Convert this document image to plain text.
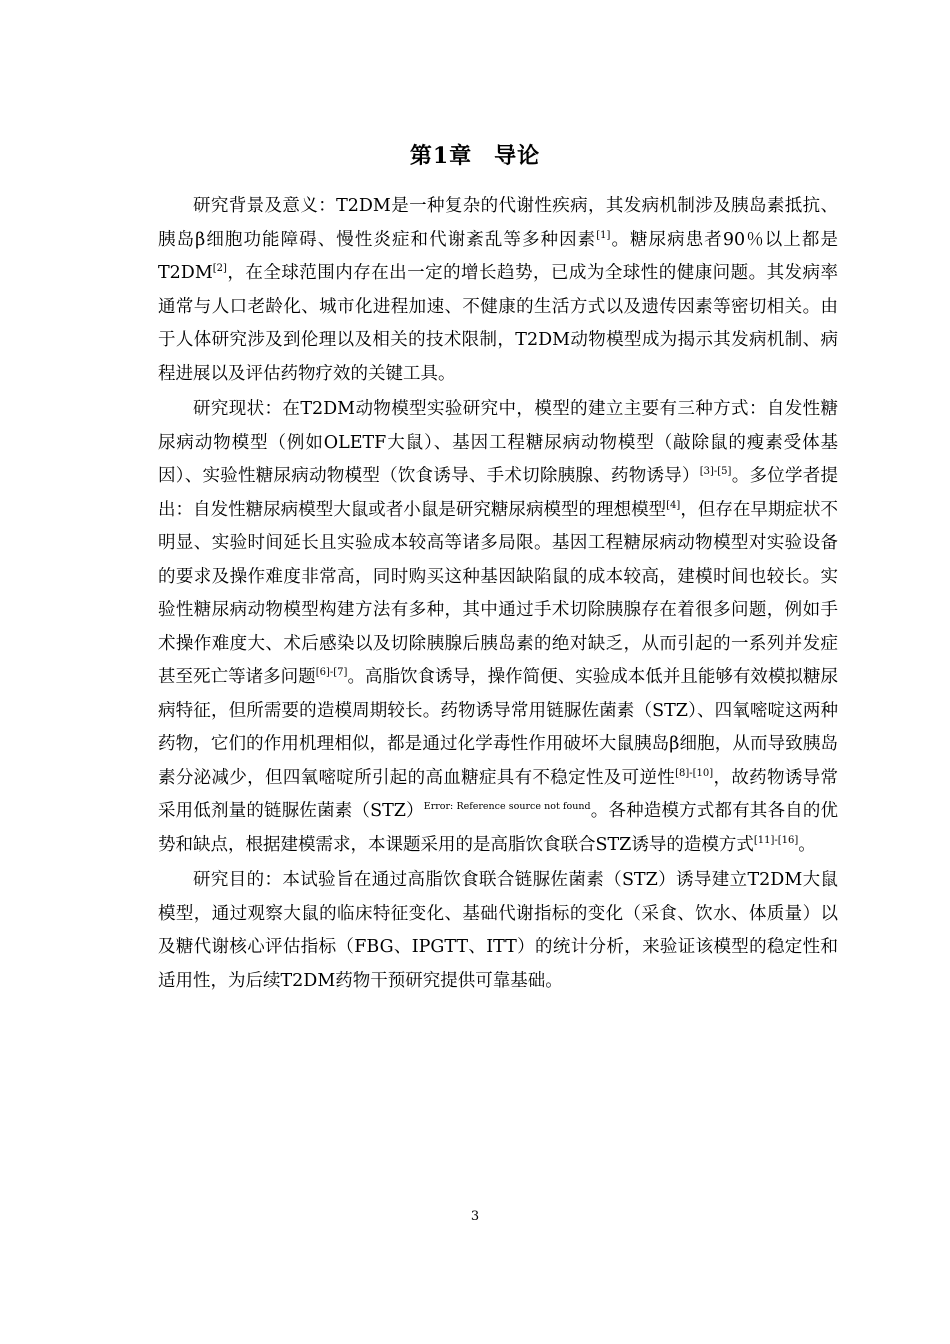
第1章 导论

研究背景及意义：T2DM是一种复杂的代谢性疾病，其发病机制涉及胰岛素抵抗、胰岛β细胞功能障碍、慢性炎症和代谢紊乱等多种因素[1]。糖尿病患者90％以上都是T2DM[2]，在全球范围内存在出一定的增长趋势，已成为全球性的健康问题。其发病率通常与人口老龄化、城市化进程加速、不健康的生活方式以及遗传因素等密切相关。由于人体研究涉及到伦理以及相关的技术限制，T2DM动物模型成为揭示其发病机制、病程进展以及评估药物疗效的关键工具。

研究现状：在T2DM动物模型实验研究中，模型的建立主要有三种方式：自发性糖尿病动物模型（例如OLETF大鼠）、基因工程糖尿病动物模型（敲除鼠的瘦素受体基因）、实验性糖尿病动物模型（饮食诱导、手术切除胰腺、药物诱导）[3]-[5]。多位学者提出：自发性糖尿病模型大鼠或者小鼠是研究糖尿病模型的理想模型[4]，但存在早期症状不明显、实验时间延长且实验成本较高等诸多局限。基因工程糖尿病动物模型对实验设备的要求及操作难度非常高，同时购买这种基因缺陷鼠的成本较高，建模时间也较长。实验性糖尿病动物模型构建方法有多种，其中通过手术切除胰腺存在着很多问题，例如手术操作难度大、术后感染以及切除胰腺后胰岛素的绝对缺乏，从而引起的一系列并发症甚至死亡等诸多问题[6]-[7]。高脂饮食诱导，操作简便、实验成本低并且能够有效模拟糖尿病特征，但所需要的造模周期较长。药物诱导常用链脲佐菌素（STZ）、四氧嘧啶这两种药物，它们的作用机理相似，都是通过化学毒性作用破坏大鼠胰岛β细胞，从而导致胰岛素分泌减少，但四氧嘧啶所引起的高血糖症具有不稳定性及可逆性[8]-[10]，故药物诱导常采用低剂量的链脲佐菌素（STZ）$^{Error: Reference source not found}$。各种造模方式都有其各自的优势和缺点，根据建模需求，本课题采用的是高脂饮食联合STZ诱导的造模方式[11]-[16]。

研究目的：本试验旨在通过高脂饮食联合链脲佐菌素（STZ）诱导建立T2DM大鼠模型，通过观察大鼠的临床特征变化、基础代谢指标的变化（采食、饮水、体质量）以及糖代谢核心评估指标（FBG、IPGTT、ITT）的统计分析，来验证该模型的稳定性和适用性，为后续T2DM药物干预研究提供可靠基础。

3
